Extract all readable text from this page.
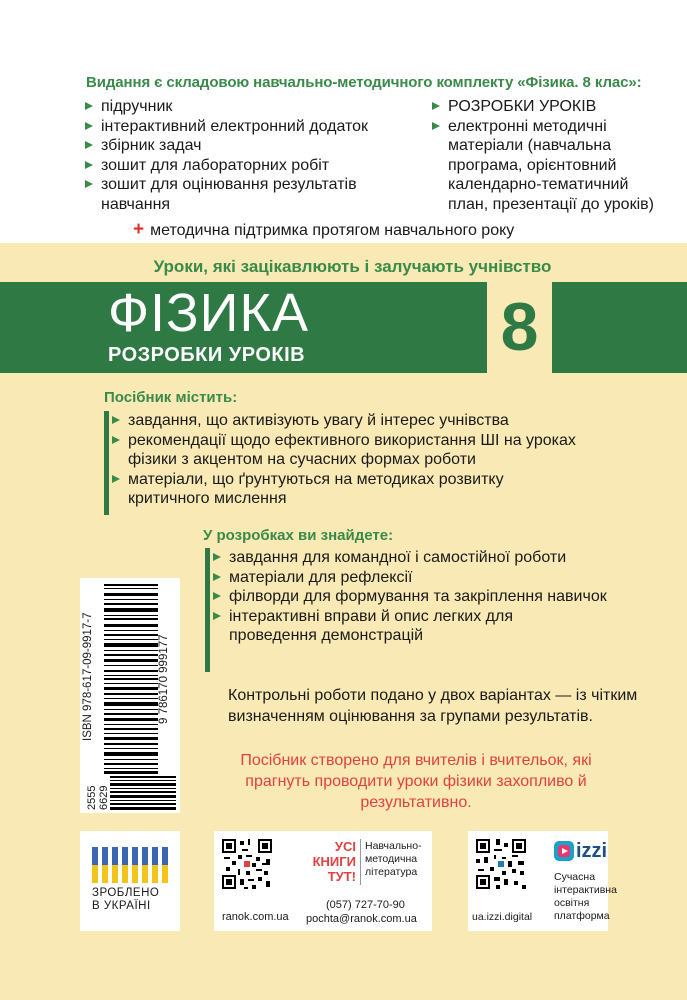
Видання є складовою навчально-методичного комплекту «Фізика. 8 клас»:
підручник
інтерактивний електронний додаток
збірник задач
зошит для лабораторних робіт
зошит для оцінювання результатів навчання
РОЗРОБКИ УРОКІВ
електронні методичні матеріали (навчальна програма, орієнтовний календарно-тематичний план, презентації до уроків)
+ методична підтримка протягом навчального року
Уроки, які зацікавлюють і залучають учнівство
ФІЗИКА
РОЗРОБКИ УРОКІВ	8
Посібник містить:
завдання, що активізують увагу й інтерес учнівства
рекомендації щодо ефективного використання ШІ на уроках фізики з акцентом на сучасних формах роботи
матеріали, що ґрунтуються на методиках розвитку критичного мислення
У розробках ви знайдете:
завдання для командної і самостійної роботи
матеріали для рефлексії
філворди для формування та закріплення навичок
інтерактивні вправи й опис легких для проведення демонстрацій
Контрольні роботи подано у двох варіантах — із чітким визначенням оцінювання за групами результатів.
Посібник створено для вчителів і вчительок, які прагнуть проводити уроки фізики захопливо й результативно.
ISBN 978-617-09-9917-7	9 786170 999177
2555 6629
ЗРОБЛЕНО
В УКРАЇНІ
УСІ
КНИГИ
ТУТ!
Навчально-методична література
ranok.com.ua
(057) 727-70-90
pochta@ranok.com.ua
izzi
Сучасна інтерактивна освітня платформа
ua.izzi.digital
